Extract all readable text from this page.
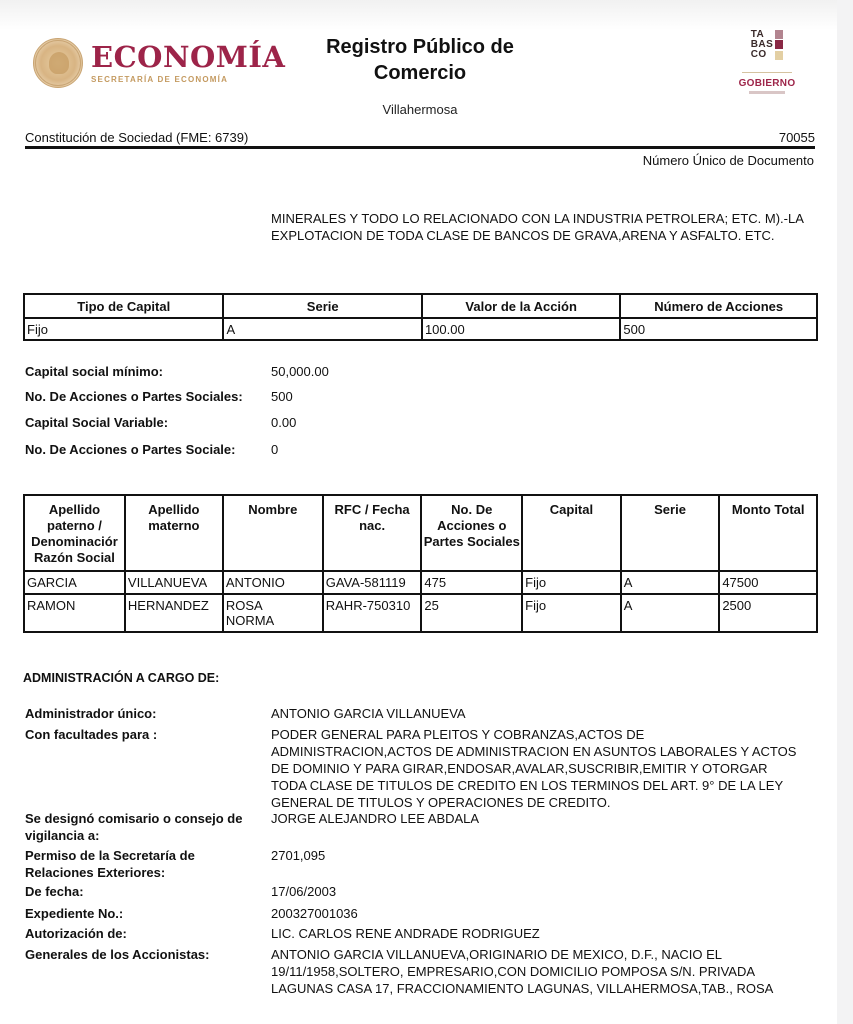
ECONOMÍA
SECRETARÍA DE ECONOMÍA
Registro Público de Comercio
Villahermosa
TA
BAS
CO
GOBIERNO
Constitución de Sociedad (FME: 6739)	70055
Número Único de Documento
MINERALES Y TODO LO RELACIONADO CON LA INDUSTRIA PETROLERA; ETC. M).-LA EXPLOTACION DE TODA CLASE DE BANCOS DE GRAVA,ARENA Y ASFALTO. ETC.
Tipo de Capital	Serie	Valor de la Acción	Número de Acciones
Fijo	A	100.00	500
Capital social mínimo:	50,000.00
No. De Acciones o Partes Sociales: 500
Capital Social Variable:	0.00
No. De Acciones o Partes Sociale:	0
Apellido paterno / Denominaciór Razón Social	Apellido materno	Nombre	RFC / Fecha nac.	No. De Acciones o Partes Sociales	Capital	Serie	Monto Total
GARCIA	VILLANUEVA	ANTONIO	GAVA-581119	475	Fijo	A	47500
RAMON	HERNANDEZ	ROSA NORMA	RAHR-750310	25	Fijo	A	2500
ADMINISTRACIÓN A CARGO DE:
Administrador único:	ANTONIO GARCIA VILLANUEVA
Con facultades para :	PODER GENERAL PARA PLEITOS Y COBRANZAS,ACTOS DE ADMINISTRACION,ACTOS DE ADMINISTRACION EN ASUNTOS LABORALES Y ACTOS DE DOMINIO Y PARA GIRAR,ENDOSAR,AVALAR,SUSCRIBIR,EMITIR Y OTORGAR TODA CLASE DE TITULOS DE CREDITO EN LOS TERMINOS DEL ART. 9° DE LA LEY GENERAL DE TITULOS Y OPERACIONES DE CREDITO.
Se designó comisario o consejo de vigilancia a:
JORGE ALEJANDRO LEE ABDALA
Permiso de la Secretaría de Relaciones Exteriores:
2701,095
De fecha:	17/06/2003
Expediente No.:	200327001036
Autorización de:	LIC. CARLOS RENE ANDRADE RODRIGUEZ
Generales de los Accionistas:	ANTONIO GARCIA VILLANUEVA,ORIGINARIO DE MEXICO, D.F., NACIO EL 19/11/1958,SOLTERO, EMPRESARIO,CON DOMICILIO POMPOSA S/N. PRIVADA LAGUNAS CASA 17, FRACCIONAMIENTO LAGUNAS, VILLAHERMOSA,TAB., ROSA
